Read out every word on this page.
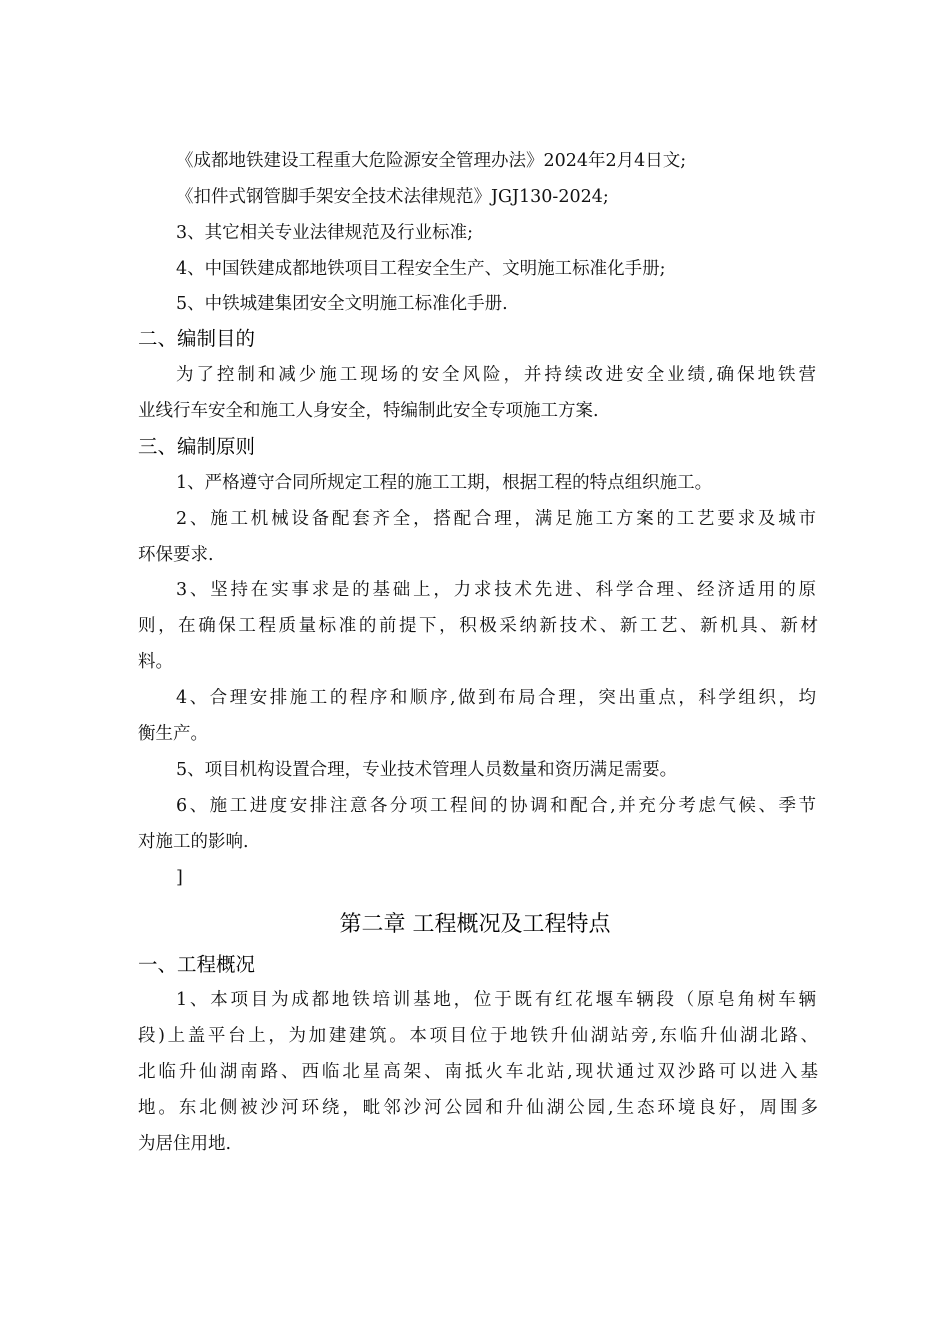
《成都地铁建设工程重大危险源安全管理办法》2024年2月4日文;
《扣件式钢管脚手架安全技术法律规范》JGJ130-2024;
3、其它相关专业法律规范及行业标准;
4、中国铁建成都地铁项目工程安全生产、文明施工标准化手册;
5、中铁城建集团安全文明施工标准化手册.
二、编制目的
为了控制和减少施工现场的安全风险，并持续改进安全业绩,确保地铁营
业线行车安全和施工人身安全，特编制此安全专项施工方案.
三、编制原则
1、严格遵守合同所规定工程的施工工期，根据工程的特点组织施工。
2、施工机械设备配套齐全，搭配合理，满足施工方案的工艺要求及城市
环保要求.
3、坚持在实事求是的基础上，力求技术先进、科学合理、经济适用的原
则，在确保工程质量标准的前提下，积极采纳新技术、新工艺、新机具、新材
料。
4、合理安排施工的程序和顺序,做到布局合理，突出重点，科学组织，均
衡生产。
5、项目机构设置合理，专业技术管理人员数量和资历满足需要。
6、施工进度安排注意各分项工程间的协调和配合,并充分考虑气候、季节
对施工的影响.
]
第二章 工程概况及工程特点
一、工程概况
1、本项目为成都地铁培训基地，位于既有红花堰车辆段（原皂角树车辆
段)上盖平台上，为加建建筑。本项目位于地铁升仙湖站旁,东临升仙湖北路、
北临升仙湖南路、西临北星高架、南抵火车北站,现状通过双沙路可以进入基
地。东北侧被沙河环绕，毗邻沙河公园和升仙湖公园,生态环境良好，周围多
为居住用地.
